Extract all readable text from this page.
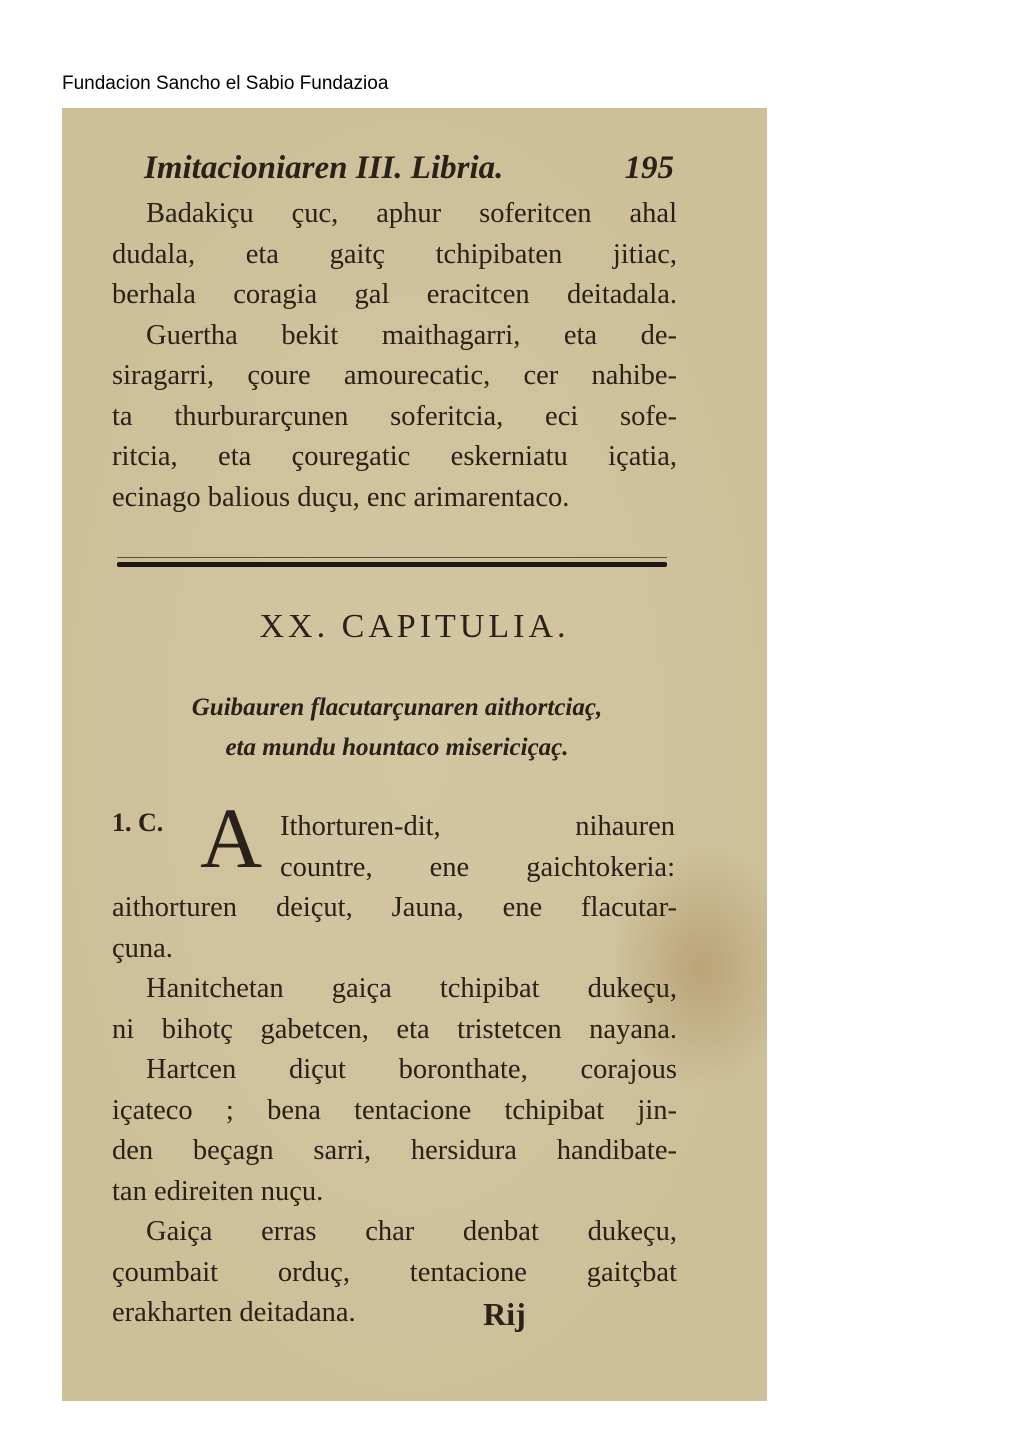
Fundacion Sancho el Sabio Fundazioa
Imitacioniaren III. Libria.	195
Badakiçu çuc, aphur soferitcen ahal
dudala, eta gaitç tchipibaten jitiac,
berhala coragia gal eracitcen deitadala.
Guertha bekit maithagarri, eta de-
siragarri, çoure amourecatic, cer nahibe-
ta thurburarçunen soferitcia, eci sofe-
ritcia, eta çouregatic eskerniatu içatia,
ecinago balious duçu, enc arimarentaco.
XX. CAPITULIA.
Guibauren flacutarçunaren aithortciaç,
eta mundu hountaco misericiçaç.
1. C. A Ithorturen-dit, nihauren
countre, ene gaichtokeria:
aithorturen deiçut, Jauna, ene flacutar-
çuna.
Hanitchetan gaiça tchipibat dukeçu,
ni bihotç gabetcen, eta tristetcen nayana.
Hartcen diçut boronthate, corajous
içateco ; bena tentacione tchipibat jin-
den beçagn sarri, hersidura handibate-
tan edireiten nuçu.
Gaiça erras char denbat dukeçu,
çoumbait orduç, tentacione gaitçbat
erakharten deitadana.	Rij
